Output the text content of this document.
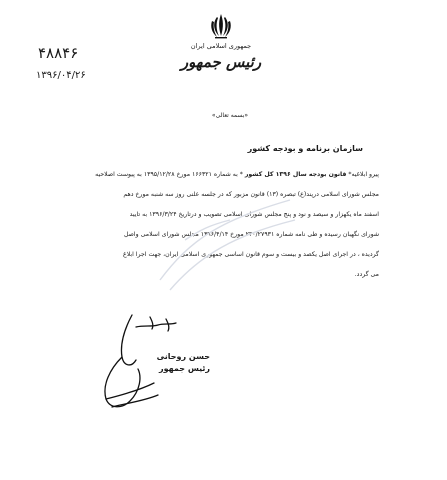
۴۸۸۴۶
۱۳۹۶/۰۴/۲۶
جمهوری اسلامی ایران
رئیس جمهور
«بسمه تعالی»
سازمان برنامه و بودجه کشور
پیرو ابلاغیه* قانون بودجه سال ۱۳۹۶ کل کشور * به شماره ۱۶۶۳۲۱ مورخ ۱۳۹۵/۱۲/۲۸ به پیوست اصلاحیه
مجلس شورای اسلامی درپند(ع) تبصره (۱۳) قانون مزبور که در جلسه علنی روز سه شنبه مورخ دهم
اسفند ماه یکهزار و سیصد و نود و پنج مجلس شورای اسلامی تصویب و درتاریخ ۱۳۹۶/۳/۲۴ به تایید
شورای نگهبان رسیده و طی نامه شماره ۲۴۰/۲۷۹۳۱ مورخ ۱۳۹۶/۴/۱۴ مجلس شورای اسلامی واصل
گردیده ، در اجرای اصل یکصد و بیست و سوم قانون اساسی جمهوری اسلامی ایران، جهت اجرا ابلاغ
می گردد.
حسن روحانی
رئیس جمهور
